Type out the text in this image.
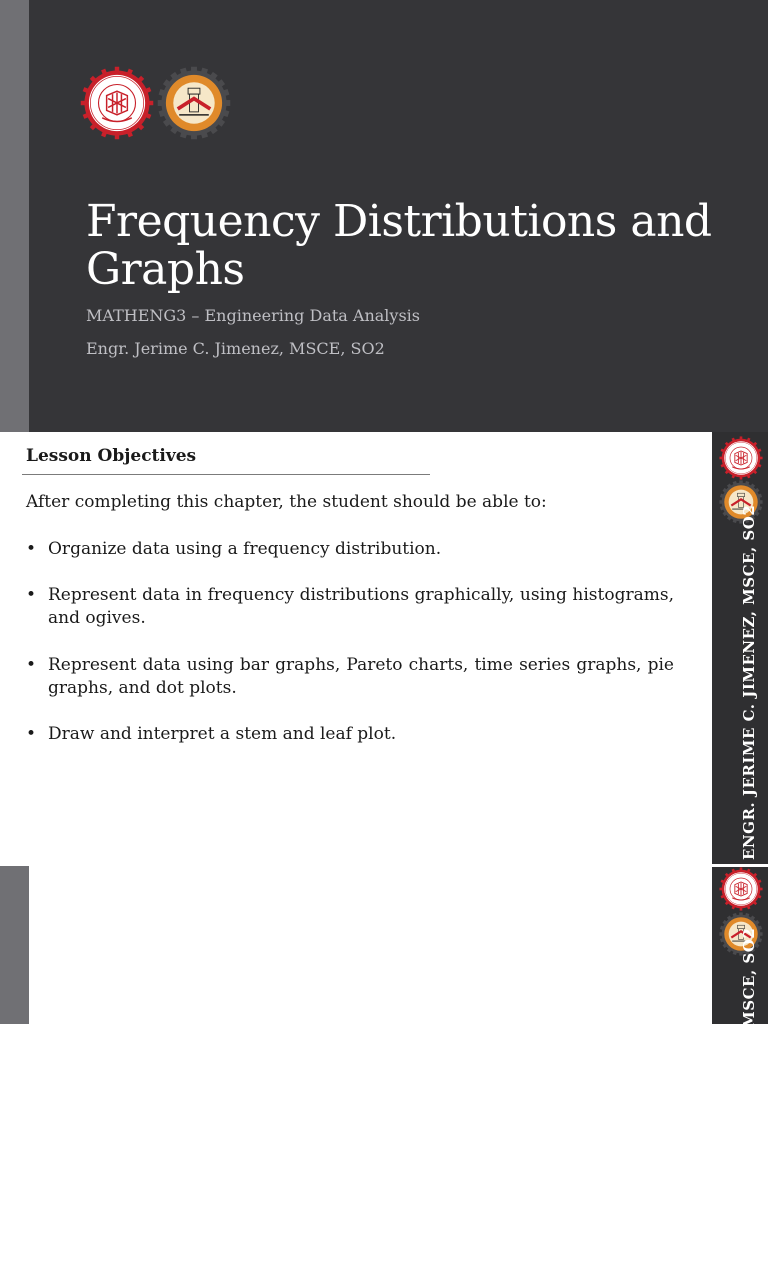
Frequency Distributions and Graphs
MATHENG3 – Engineering Data Analysis
Engr. Jerime C. Jimenez, MSCE, SO2
Lesson Objectives
After completing this chapter, the student should be able to:
• Organize data using a frequency distribution.
• Represent data in frequency distributions graphically, using histograms, and ogives.
• Represent data using bar graphs, Pareto charts, time series graphs, pie graphs, and dot plots.
• Draw and interpret a stem and leaf plot.	ENGR. JERIME C. JIMENEZ, MSCE, SO2
ENGR. JERIME C. JIMENEZ, MSCE, SO2
